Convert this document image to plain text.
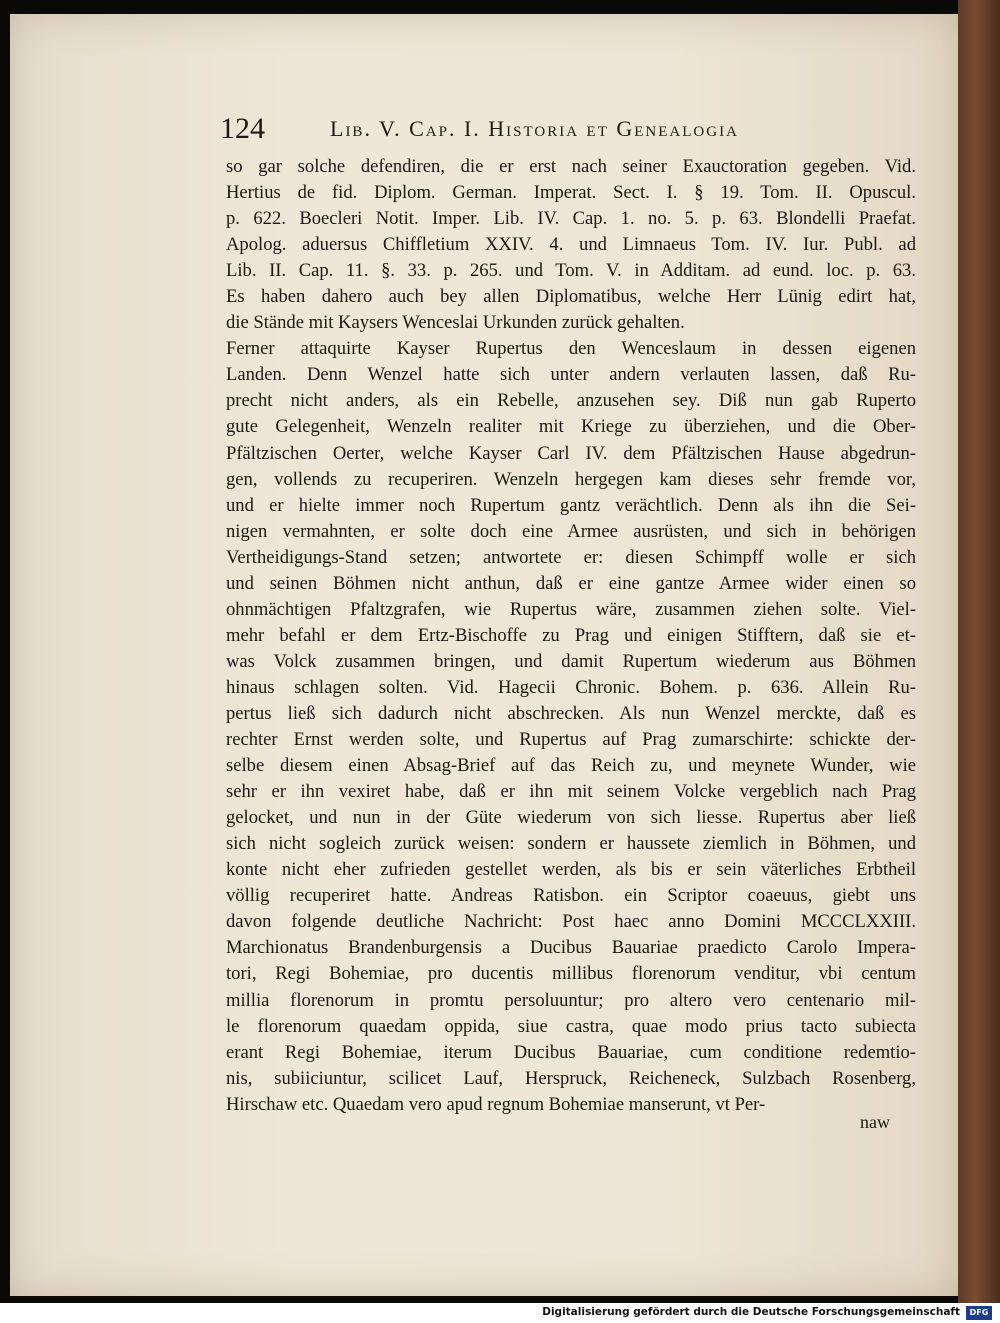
124	Lib. V. Cap. I. Historia et Genealogia
so gar solche defendiren, die er erst nach seiner Exauctoration gegeben. Vid.
Hertius de fid. Diplom. German. Imperat. Sect. I. § 19. Tom. II. Opuscul.
p. 622. Boecleri Notit. Imper. Lib. IV. Cap. 1. no. 5. p. 63. Blondelli Praefat.
Apolog. aduersus Chiffletium XXIV. 4. und Limnaeus Tom. IV. Iur. Publ. ad
Lib. II. Cap. 11. §. 33. p. 265. und Tom. V. in Additam. ad eund. loc. p. 63.
Es haben dahero auch bey allen Diplomatibus, welche Herr Lünig edirt hat,
die Stände mit Kaysers Wenceslai Urkunden zurück gehalten.
Ferner attaquirte Kayser Rupertus den Wenceslaum in dessen eigenen
Landen. Denn Wenzel hatte sich unter andern verlauten lassen, daß Ru-
precht nicht anders, als ein Rebelle, anzusehen sey. Diß nun gab Ruperto
gute Gelegenheit, Wenzeln realiter mit Kriege zu überziehen, und die Ober-
Pfältzischen Oerter, welche Kayser Carl IV. dem Pfältzischen Hause abgedrun-
gen, vollends zu recuperiren. Wenzeln hergegen kam dieses sehr fremde vor,
und er hielte immer noch Rupertum gantz verächtlich. Denn als ihn die Sei-
nigen vermahnten, er solte doch eine Armee ausrüsten, und sich in behörigen
Vertheidigungs-Stand setzen; antwortete er: diesen Schimpff wolle er sich
und seinen Böhmen nicht anthun, daß er eine gantze Armee wider einen so
ohnmächtigen Pfaltzgrafen, wie Rupertus wäre, zusammen ziehen solte. Viel-
mehr befahl er dem Ertz-Bischoffe zu Prag und einigen Stifftern, daß sie et-
was Volck zusammen bringen, und damit Rupertum wiederum aus Böhmen
hinaus schlagen solten. Vid. Hagecii Chronic. Bohem. p. 636. Allein Ru-
pertus ließ sich dadurch nicht abschrecken. Als nun Wenzel merckte, daß es
rechter Ernst werden solte, und Rupertus auf Prag zumarschirte: schickte der-
selbe diesem einen Absag-Brief auf das Reich zu, und meynete Wunder, wie
sehr er ihn vexiret habe, daß er ihn mit seinem Volcke vergeblich nach Prag
gelocket, und nun in der Güte wiederum von sich liesse. Rupertus aber ließ
sich nicht sogleich zurück weisen: sondern er haussete ziemlich in Böhmen, und
konte nicht eher zufrieden gestellet werden, als bis er sein väterliches Erbtheil
völlig recuperiret hatte. Andreas Ratisbon. ein Scriptor coaeuus, giebt uns
davon folgende deutliche Nachricht: Post haec anno Domini MCCCLXXIII.
Marchionatus Brandenburgensis a Ducibus Bauariae praedicto Carolo Impera-
tori, Regi Bohemiae, pro ducentis millibus florenorum venditur, vbi centum
millia florenorum in promtu persoluuntur; pro altero vero centenario mil-
le florenorum quaedam oppida, siue castra, quae modo prius tacto subiecta
erant Regi Bohemiae, iterum Ducibus Bauariae, cum conditione redemtio-
nis, subiiciuntur, scilicet Lauf, Herspruck, Reicheneck, Sulzbach Rosenberg,
Hirschaw etc. Quaedam vero apud regnum Bohemiae manserunt, vt Per-
naw
Digitalisierung gefördert durch die Deutsche Forschungsgemeinschaft	DFG
